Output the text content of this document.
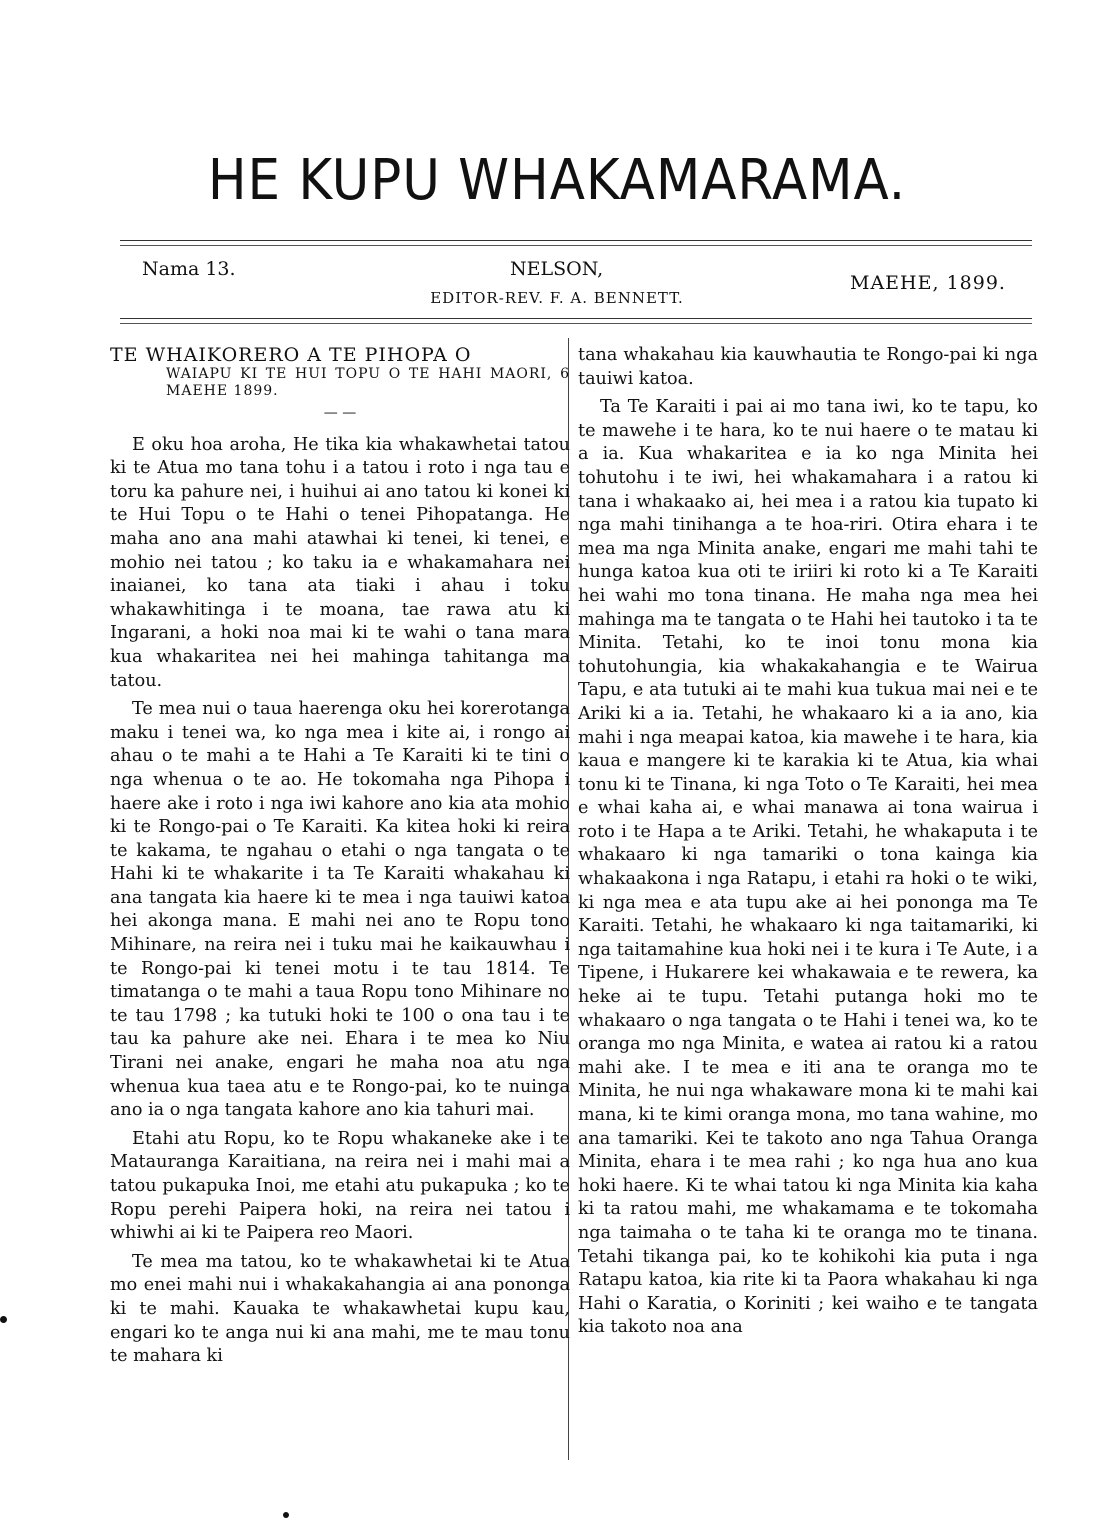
HE KUPU WHAKAMARAMA.
Nama 13.	NELSON,
MAEHE, 1899.
EDITOR-REV. F. A. BENNETT.
TE WHAIKORERO A TE PIHOPA O
WAIAPU KI TE HUI TOPU O TE HAHI MAORI, 6 MAEHE 1899.
— —

E oku hoa aroha, He tika kia whakawhetai tatou ki te Atua mo tana tohu i a tatou i roto i nga tau e toru ka pahure nei, i huihui ai ano tatou ki konei ki te Hui Topu o te Hahi o tenei Pihopatanga. He maha ano ana mahi atawhai ki tenei, ki tenei, e mohio nei tatou ; ko taku ia e whakamahara nei inaianei, ko tana ata tiaki i ahau i toku whakawhitinga i te moana, tae rawa atu ki Ingarani, a hoki noa mai ki te wahi o tana mara kua whakaritea nei hei mahinga tahitanga ma tatou.

Te mea nui o taua haerenga oku hei korerotanga maku i tenei wa, ko nga mea i kite ai, i rongo ai ahau o te mahi a te Hahi a Te Karaiti ki te tini o nga whenua o te ao. He tokomaha nga Pihopa i haere ake i roto i nga iwi kahore ano kia ata mohio ki te Rongo-pai o Te Karaiti. Ka kitea hoki ki reira te kakama, te ngahau o etahi o nga tangata o te Hahi ki te whakarite i ta Te Karaiti whakahau ki ana tangata kia haere ki te mea i nga tauiwi katoa hei akonga mana. E mahi nei ano te Ropu tono Mihinare, na reira nei i tuku mai he kaikauwhau i te Rongo-pai ki tenei motu i te tau 1814. Te timatanga o te mahi a taua Ropu tono Mihinare no te tau 1798 ; ka tutuki hoki te 100 o ona tau i te tau ka pahure ake nei. Ehara i te mea ko Niu Tirani nei anake, engari he maha noa atu nga whenua kua taea atu e te Rongo-pai, ko te nuinga ano ia o nga tangata kahore ano kia tahuri mai.

Etahi atu Ropu, ko te Ropu whakaneke ake i te Matauranga Karaitiana, na reira nei i mahi mai a tatou pukapuka Inoi, me etahi atu pukapuka ; ko te Ropu perehi Paipera hoki, na reira nei tatou i whiwhi ai ki te Paipera reo Maori.

Te mea ma tatou, ko te whakawhetai ki te Atua mo enei mahi nui i whakakahangia ai ana pononga ki te mahi. Kauaka te whakawhetai kupu kau, engari ko te anga nui ki ana mahi, me te mau tonu te mahara ki

tana whakahau kia kauwhautia te Rongo-pai ki nga tauiwi katoa.

Ta Te Karaiti i pai ai mo tana iwi, ko te tapu, ko te mawehe i te hara, ko te nui haere o te matau ki a ia. Kua whakaritea e ia ko nga Minita hei tohutohu i te iwi, hei whakamahara i a ratou ki tana i whakaako ai, hei mea i a ratou kia tupato ki nga mahi tinihanga a te hoa-riri. Otira ehara i te mea ma nga Minita anake, engari me mahi tahi te hunga katoa kua oti te iriiri ki roto ki a Te Karaiti hei wahi mo tona tinana. He maha nga mea hei mahinga ma te tangata o te Hahi hei tautoko i ta te Minita. Tetahi, ko te inoi tonu mona kia tohutohungia, kia whakakahangia e te Wairua Tapu, e ata tutuki ai te mahi kua tukua mai nei e te Ariki ki a ia. Tetahi, he whakaaro ki a ia ano, kia mahi i nga meapai katoa, kia mawehe i te hara, kia kaua e mangere ki te karakia ki te Atua, kia whai tonu ki te Tinana, ki nga Toto o Te Karaiti, hei mea e whai kaha ai, e whai manawa ai tona wairua i roto i te Hapa a te Ariki. Tetahi, he whakaputa i te whakaaro ki nga tamariki o tona kainga kia whakaakona i nga Ratapu, i etahi ra hoki o te wiki, ki nga mea e ata tupu ake ai hei pononga ma Te Karaiti. Tetahi, he whakaaro ki nga taitamariki, ki nga taitamahine kua hoki nei i te kura i Te Aute, i a Tipene, i Hukarere kei whakawaia e te rewera, ka heke ai te tupu. Tetahi putanga hoki mo te whakaaro o nga tangata o te Hahi i tenei wa, ko te oranga mo nga Minita, e watea ai ratou ki a ratou mahi ake. I te mea e iti ana te oranga mo te Minita, he nui nga whakaware mona ki te mahi kai mana, ki te kimi oranga mona, mo tana wahine, mo ana tamariki. Kei te takoto ano nga Tahua Oranga Minita, ehara i te mea rahi ; ko nga hua ano kua hoki haere. Ki te whai tatou ki nga Minita kia kaha ki ta ratou mahi, me whakamama e te tokomaha nga taimaha o te taha ki te oranga mo te tinana. Tetahi tikanga pai, ko te kohikohi kia puta i nga Ratapu katoa, kia rite ki ta Paora whakahau ki nga Hahi o Karatia, o Koriniti ; kei waiho e te tangata kia takoto noa ana
